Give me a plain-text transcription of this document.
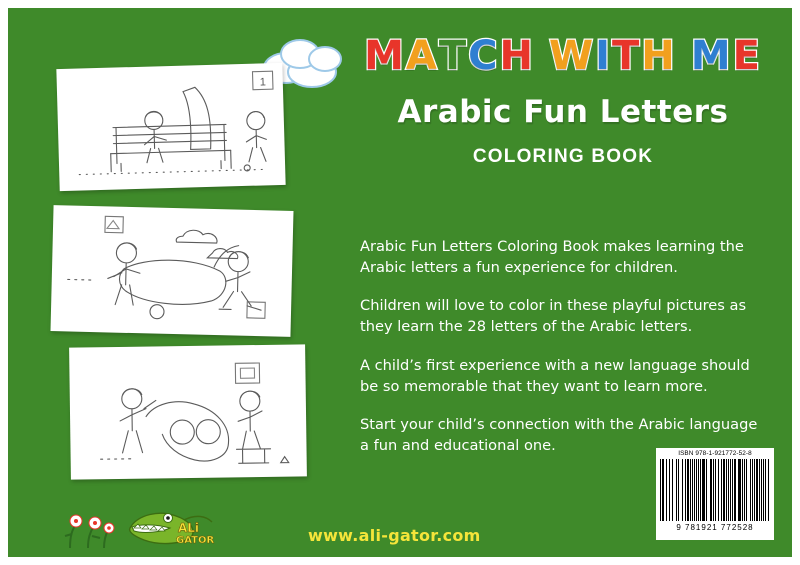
MATCH WITH ME
Arabic Fun Letters
COLORING BOOK

Arabic Fun Letters Coloring Book makes learning the Arabic letters a fun experience for children.

Children will love to color in these playful pictures as they learn the 28 letters of the Arabic letters.

A child’s first experience with a new language should be so memorable that they want to learn more.

Start your child’s connection with the Arabic language a fun and educational one.

1
ALi
GATOR	www.ali-gator.com
ISBN 978-1-921772-52-8
9 781921 772528
